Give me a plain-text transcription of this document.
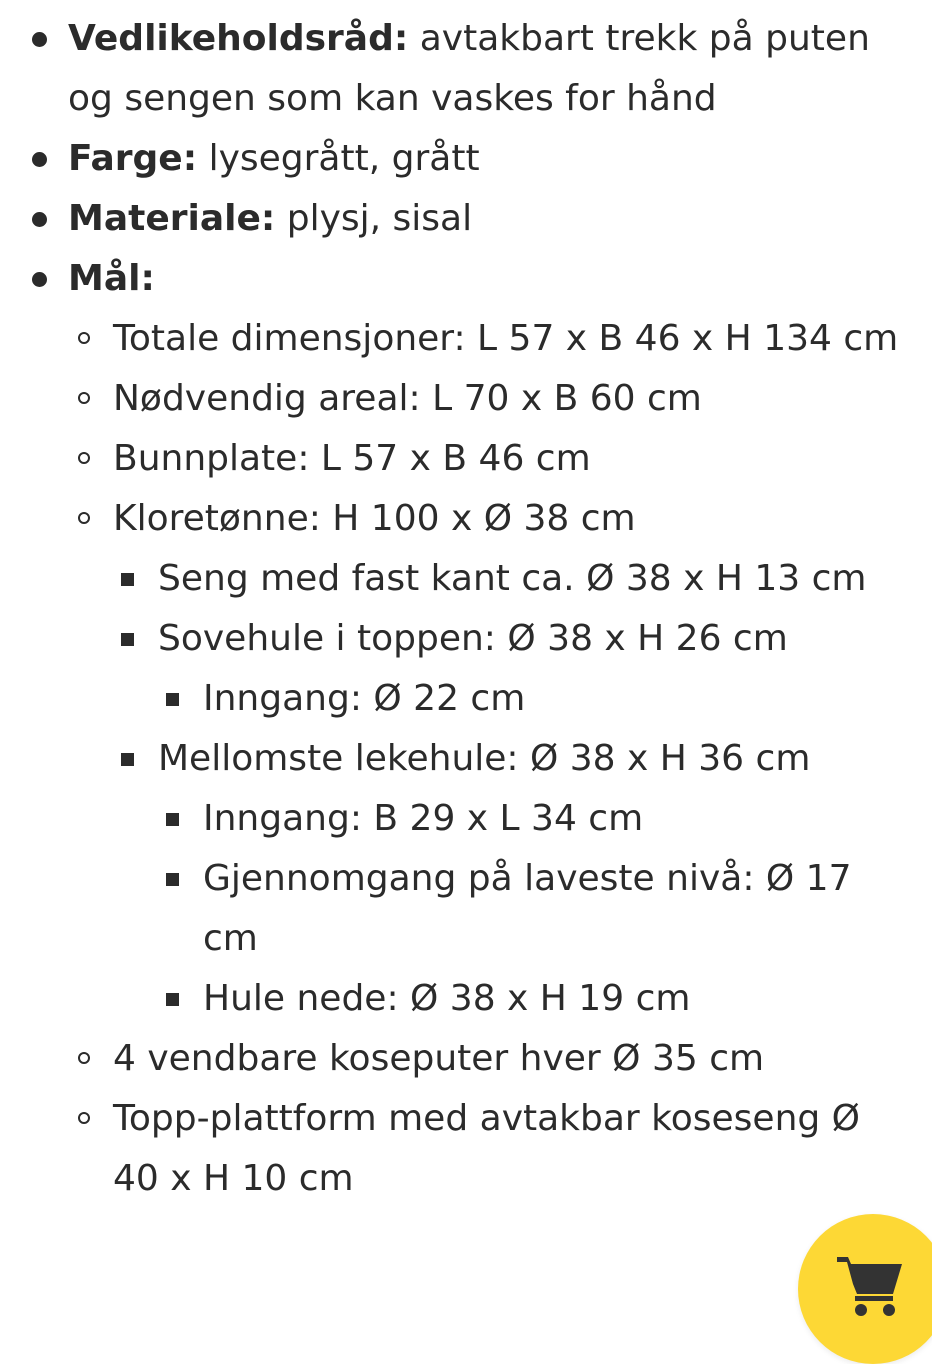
Vedlikeholdsråd: avtakbart trekk på puten og sengen som kan vaskes for hånd
Farge: lysegrått, grått
Materiale: plysj, sisal
Mål:
Totale dimensjoner: L 57 x B 46 x H 134 cm
Nødvendig areal: L 70 x B 60 cm
Bunnplate: L 57 x B 46 cm
Kloretønne: H 100 x Ø 38 cm
Seng med fast kant ca. Ø 38 x H 13 cm
Sovehule i toppen: Ø 38 x H 26 cm
Inngang: Ø 22 cm
Mellomste lekehule: Ø 38 x H 36 cm
Inngang: B 29 x L 34 cm
Gjennomgang på laveste nivå: Ø 17 cm
Hule nede: Ø 38 x H 19 cm
4 vendbare koseputer hver Ø 35 cm
Topp-plattform med avtakbar koseseng Ø 40 x H 10 cm
